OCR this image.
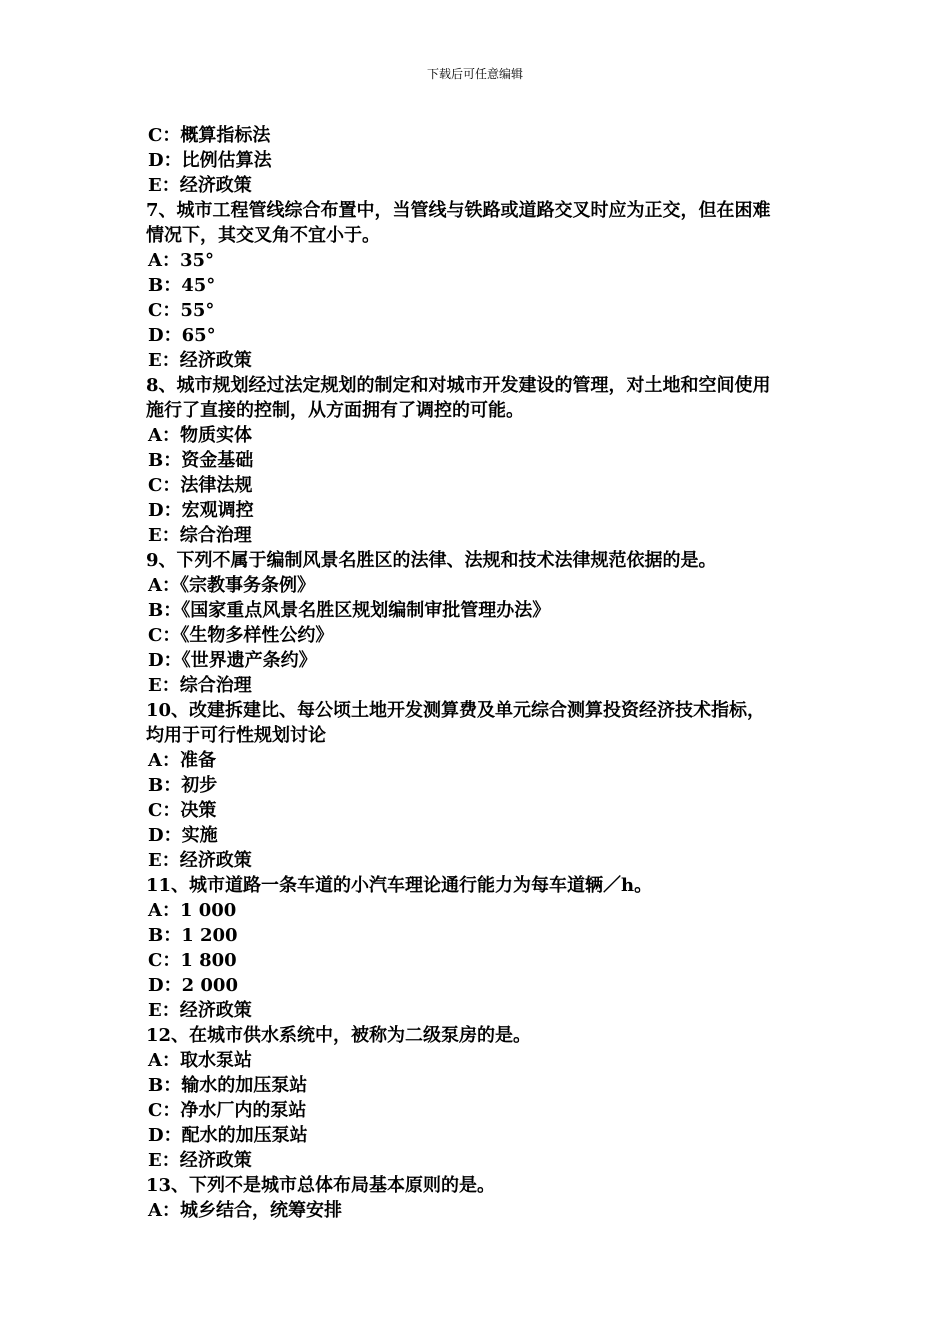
下载后可任意编辑
C：概算指标法
D：比例估算法
E：经济政策
7、城市工程管线综合布置中，当管线与铁路或道路交叉时应为正交，但在困难
情况下，其交叉角不宜小于。
A：35°
B：45°
C：55°
D：65°
E：经济政策
8、城市规划经过法定规划的制定和对城市开发建设的管理，对土地和空间使用
施行了直接的控制，从方面拥有了调控的可能。
A：物质实体
B：资金基础
C：法律法规
D：宏观调控
E：综合治理
9、下列不属于编制风景名胜区的法律、法规和技术法律规范依据的是。
A：《宗教事务条例》
B：《国家重点风景名胜区规划编制审批管理办法》
C：《生物多样性公约》
D：《世界遗产条约》
E：综合治理
10、改建拆建比、每公顷土地开发测算费及单元综合测算投资经济技术指标，
均用于可行性规划讨论
A：准备
B：初步
C：决策
D：实施
E：经济政策
11、城市道路一条车道的小汽车理论通行能力为每车道辆／h。
A：1 000
B：1 200
C：1 800
D：2 000
E：经济政策
12、在城市供水系统中，被称为二级泵房的是。
A：取水泵站
B：输水的加压泵站
C：净水厂内的泵站
D：配水的加压泵站
E：经济政策
13、下列不是城市总体布局基本原则的是。
A：城乡结合，统筹安排
